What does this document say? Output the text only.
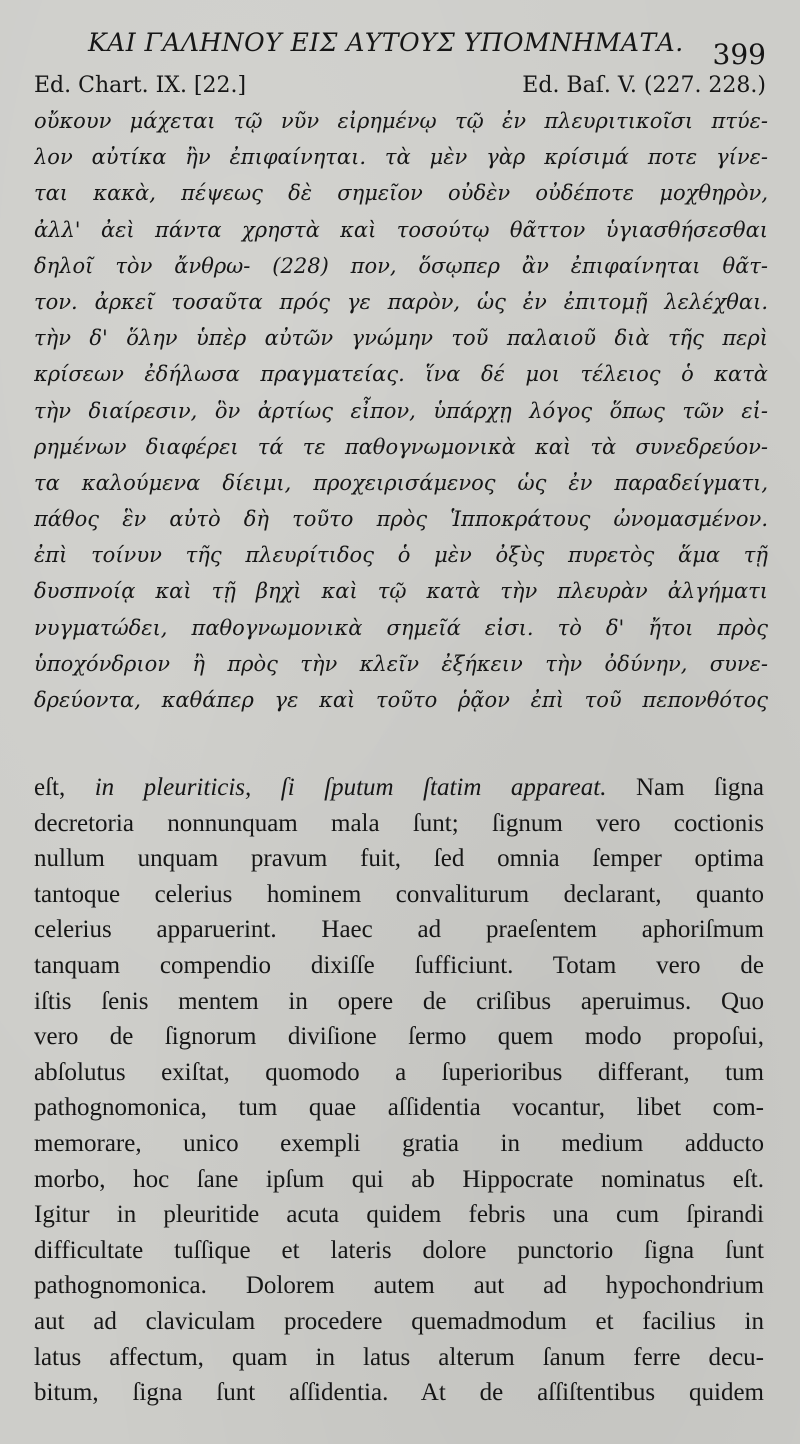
ΚΑΙ ΓΑΛΗΝΟΥ ΕΙΣ ΑΥΤΟΥΣ ΥΠΟΜΝΗΜΑΤΑ. 399
Ed. Chart. IX. [22.]	Ed. Baſ. V. (227. 228.)
οὔκουν μάχεται τῷ νῦν εἰρημένῳ τῷ ἐν πλευριτικοῖσι πτύε-
λον αὐτίκα ἢν ἐπιφαίνηται. τὰ μὲν γὰρ κρίσιμά ποτε γίνε-
ται κακὰ, πέψεως δὲ σημεῖον οὐδὲν οὐδέποτε μοχθηρὸν,
ἀλλ' ἀεὶ πάντα χρηστὰ καὶ τοσούτῳ θᾶττον ὑγιασθήσεσθαι
δηλοῖ τὸν ἄνθρω- (228) πον, ὅσῳπερ ἂν ἐπιφαίνηται θᾶτ-
τον. ἀρκεῖ τοσαῦτα πρός γε παρὸν, ὡς ἐν ἐπιτομῇ λελέχθαι.
τὴν δ' ὅλην ὑπὲρ αὐτῶν γνώμην τοῦ παλαιοῦ διὰ τῆς περὶ
κρίσεων ἐδήλωσα πραγματείας. ἵνα δέ μοι τέλειος ὁ κατὰ
τὴν διαίρεσιν, ὃν ἀρτίως εἶπον, ὑπάρχῃ λόγος ὅπως τῶν εἰ-
ρημένων διαφέρει τά τε παθογνωμονικὰ καὶ τὰ συνεδρεύον-
τα καλούμενα δίειμι, προχειρισάμενος ὡς ἐν παραδείγματι,
πάθος ἓν αὐτὸ δὴ τοῦτο πρὸς Ἱπποκράτους ὠνομασμένον.
ἐπὶ τοίνυν τῆς πλευρίτιδος ὁ μὲν ὀξὺς πυρετὸς ἅμα τῇ
δυσπνοίᾳ καὶ τῇ βηχὶ καὶ τῷ κατὰ τὴν πλευρὰν ἀλγήματι
νυγματώδει, παθογνωμονικὰ σημεῖά εἰσι. τὸ δ' ἤτοι πρὸς
ὑποχόνδριον ἢ πρὸς τὴν κλεῖν ἐξήκειν τὴν ὀδύνην, συνε-
δρεύοντα, καθάπερ γε καὶ τοῦτο ῥᾷον ἐπὶ τοῦ πεπονθότος
eſt, in pleuriticis, ſi ſputum ſtatim appareat. Nam ſigna
decretoria nonnunquam mala ſunt; ſignum vero coctionis
nullum unquam pravum fuit, ſed omnia ſemper optima
tantoque celerius hominem convaliturum declarant, quanto
celerius apparuerint. Haec ad praeſentem aphoriſmum
tanquam compendio dixiſſe ſufficiunt. Totam vero de
iſtis ſenis mentem in opere de criſibus aperuimus. Quo
vero de ſignorum diviſione ſermo quem modo propoſui,
abſolutus exiſtat, quomodo a ſuperioribus differant, tum
pathognomonica, tum quae aſſidentia vocantur, libet com-
memorare, unico exempli gratia in medium adducto
morbo, hoc ſane ipſum qui ab Hippocrate nominatus eſt.
Igitur in pleuritide acuta quidem febris una cum ſpirandi
difficultate tuſſique et lateris dolore punctorio ſigna ſunt
pathognomonica. Dolorem autem aut ad hypochondrium
aut ad claviculam procedere quemadmodum et facilius in
latus affectum, quam in latus alterum ſanum ferre decu-
bitum, ſigna ſunt aſſidentia. At de aſſiſtentibus quidem
